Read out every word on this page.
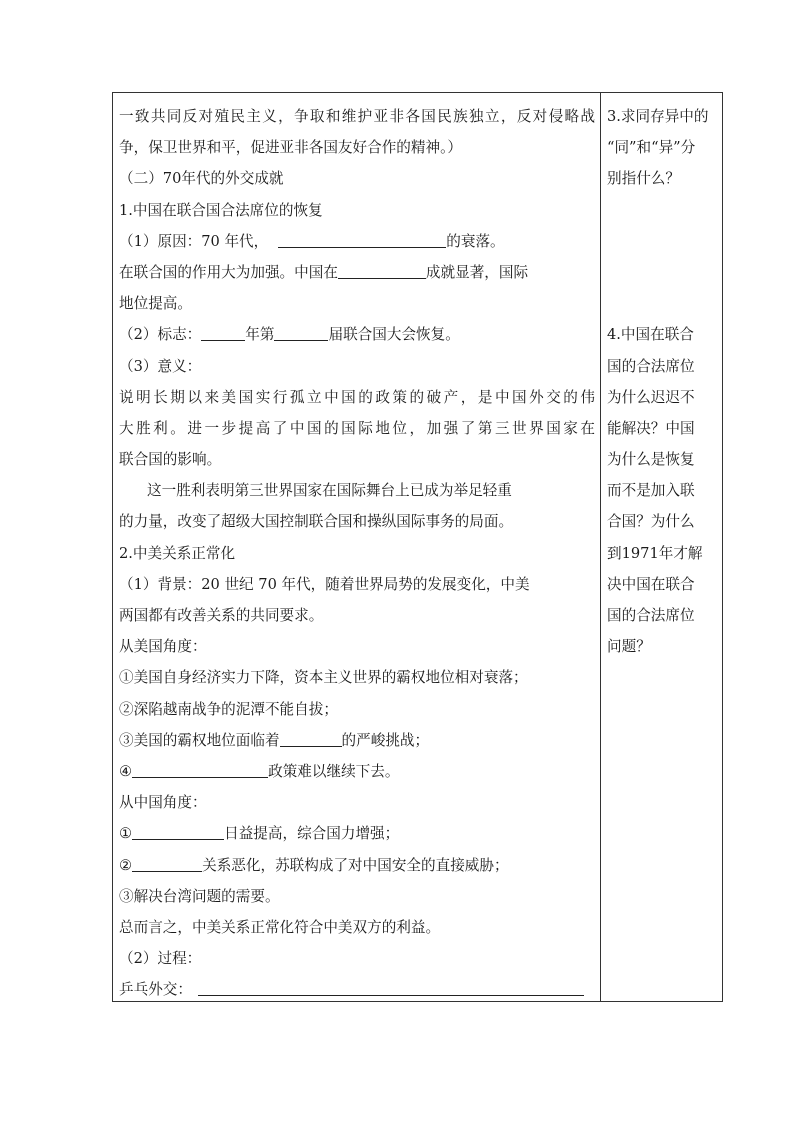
一致共同反对殖民主义，争取和维护亚非各国民族独立，反对侵略战
争，保卫世界和平，促进亚非各国友好合作的精神。）
（二）70年代的外交成就
1.中国在联合国合法席位的恢复
（1）原因：70 年代，	的衰落。
在联合国的作用大为加强。中国在	成就显著，国际
地位提高。
（2）标志：	年第	届联合国大会恢复。
（3）意义：
说明长期以来美国实行孤立中国的政策的破产，是中国外交的伟
大胜利。进一步提高了中国的国际地位，加强了第三世界国家在
联合国的影响。
这一胜利表明第三世界国家在国际舞台上已成为举足轻重
的力量，改变了超级大国控制联合国和操纵国际事务的局面。
2.中美关系正常化
（1）背景：20 世纪 70 年代，随着世界局势的发展变化，中美
两国都有改善关系的共同要求。
从美国角度：
①美国自身经济实力下降，资本主义世界的霸权地位相对衰落；
②深陷越南战争的泥潭不能自拔；
③美国的霸权地位面临着	的严峻挑战；
④	政策难以继续下去。
从中国角度：
①	日益提高，综合国力增强；
②	关系恶化，苏联构成了对中国安全的直接威胁；
③解决台湾问题的需要。
总而言之，中美关系正常化符合中美双方的利益。
（2）过程：
乒乓外交：
3.求同存异中的
“同”和“异”分
别指什么？
4.中国在联合
国的合法席位
为什么迟迟不
能解决？中国
为什么是恢复
而不是加入联
合国？为什么
到1971年才解
决中国在联合
国的合法席位
问题？
